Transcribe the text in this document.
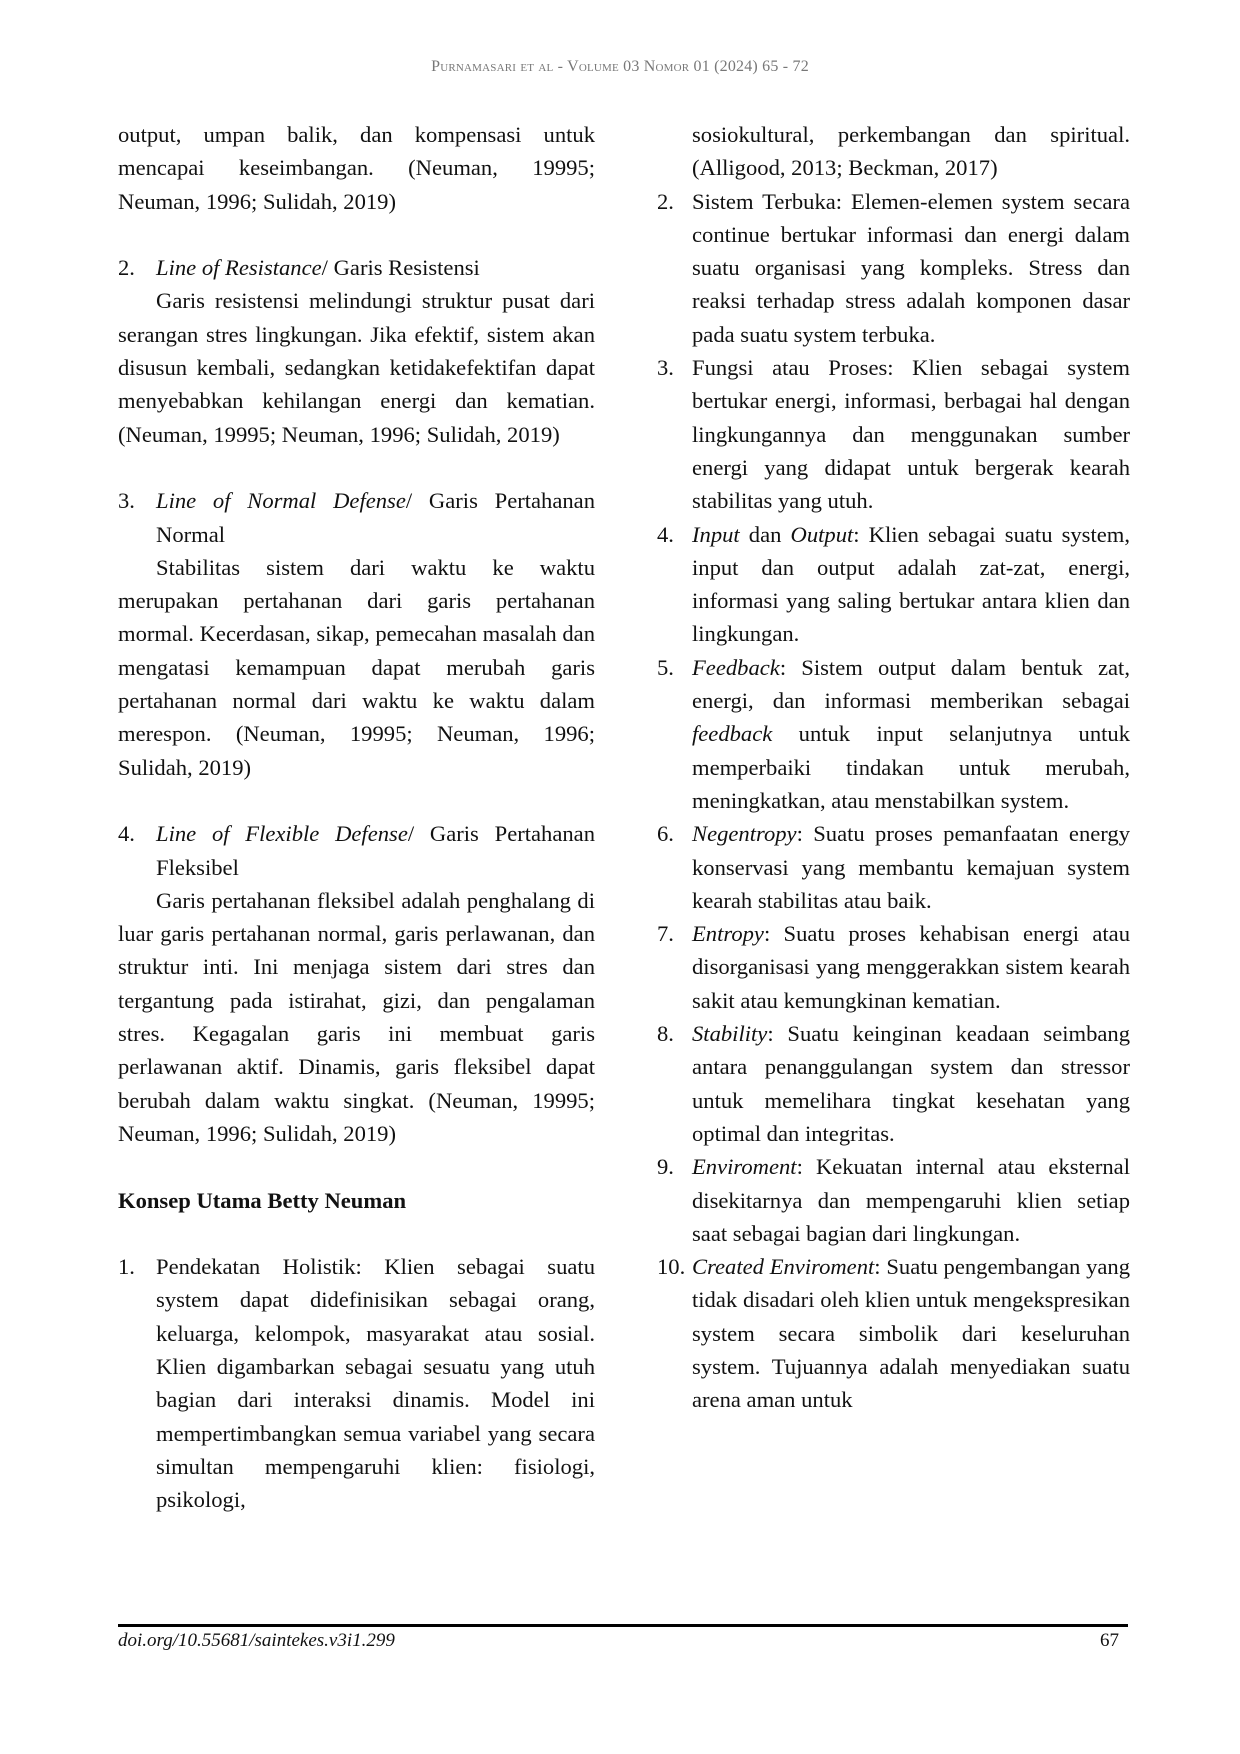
Purnamasari et al - Volume 03 Nomor 01 (2024) 65 - 72

output, umpan balik, dan kompensasi untuk mencapai keseimbangan. (Neuman, 19995; Neuman, 1996; Sulidah, 2019)

2. Line of Resistance/ Garis Resistensi

Garis resistensi melindungi struktur pusat dari serangan stres lingkungan. Jika efektif, sistem akan disusun kembali, sedangkan ketidakefektifan dapat menyebabkan kehilangan energi dan kematian. (Neuman, 19995; Neuman, 1996; Sulidah, 2019)

3. Line of Normal Defense/ Garis Pertahanan Normal

Stabilitas sistem dari waktu ke waktu merupakan pertahanan dari garis pertahanan mormal. Kecerdasan, sikap, pemecahan masalah dan mengatasi kemampuan dapat merubah garis pertahanan normal dari waktu ke waktu dalam merespon. (Neuman, 19995; Neuman, 1996; Sulidah, 2019)

4. Line of Flexible Defense/ Garis Pertahanan Fleksibel

Garis pertahanan fleksibel adalah penghalang di luar garis pertahanan normal, garis perlawanan, dan struktur inti. Ini menjaga sistem dari stres dan tergantung pada istirahat, gizi, dan pengalaman stres. Kegagalan garis ini membuat garis perlawanan aktif. Dinamis, garis fleksibel dapat berubah dalam waktu singkat. (Neuman, 19995; Neuman, 1996; Sulidah, 2019)

Konsep Utama Betty Neuman

1. Pendekatan Holistik: Klien sebagai suatu system dapat didefinisikan sebagai orang, keluarga, kelompok, masyarakat atau sosial. Klien digambarkan sebagai sesuatu yang utuh bagian dari interaksi dinamis. Model ini mempertimbangkan semua variabel yang secara simultan mempengaruhi klien: fisiologi, psikologi,

sosiokultural, perkembangan dan spiritual. (Alligood, 2013; Beckman, 2017)

2. Sistem Terbuka: Elemen-elemen system secara continue bertukar informasi dan energi dalam suatu organisasi yang kompleks. Stress dan reaksi terhadap stress adalah komponen dasar pada suatu system terbuka.
3. Fungsi atau Proses: Klien sebagai system bertukar energi, informasi, berbagai hal dengan lingkungannya dan menggunakan sumber energi yang didapat untuk bergerak kearah stabilitas yang utuh.
4. Input dan Output: Klien sebagai suatu system, input dan output adalah zat-zat, energi, informasi yang saling bertukar antara klien dan lingkungan.
5. Feedback: Sistem output dalam bentuk zat, energi, dan informasi memberikan sebagai feedback untuk input selanjutnya untuk memperbaiki tindakan untuk merubah, meningkatkan, atau menstabilkan system.
6. Negentropy: Suatu proses pemanfaatan energy konservasi yang membantu kemajuan system kearah stabilitas atau baik.
7. Entropy: Suatu proses kehabisan energi atau disorganisasi yang menggerakkan sistem kearah sakit atau kemungkinan kematian.
8. Stability: Suatu keinginan keadaan seimbang antara penanggulangan system dan stressor untuk memelihara tingkat kesehatan yang optimal dan integritas.
9. Enviroment: Kekuatan internal atau eksternal disekitarnya dan mempengaruhi klien setiap saat sebagai bagian dari lingkungan.
10. Created Enviroment: Suatu pengembangan yang tidak disadari oleh klien untuk mengekspresikan system secara simbolik dari keseluruhan system. Tujuannya adalah menyediakan suatu arena aman untuk
doi.org/10.55681/saintekes.v3i1.299	67
